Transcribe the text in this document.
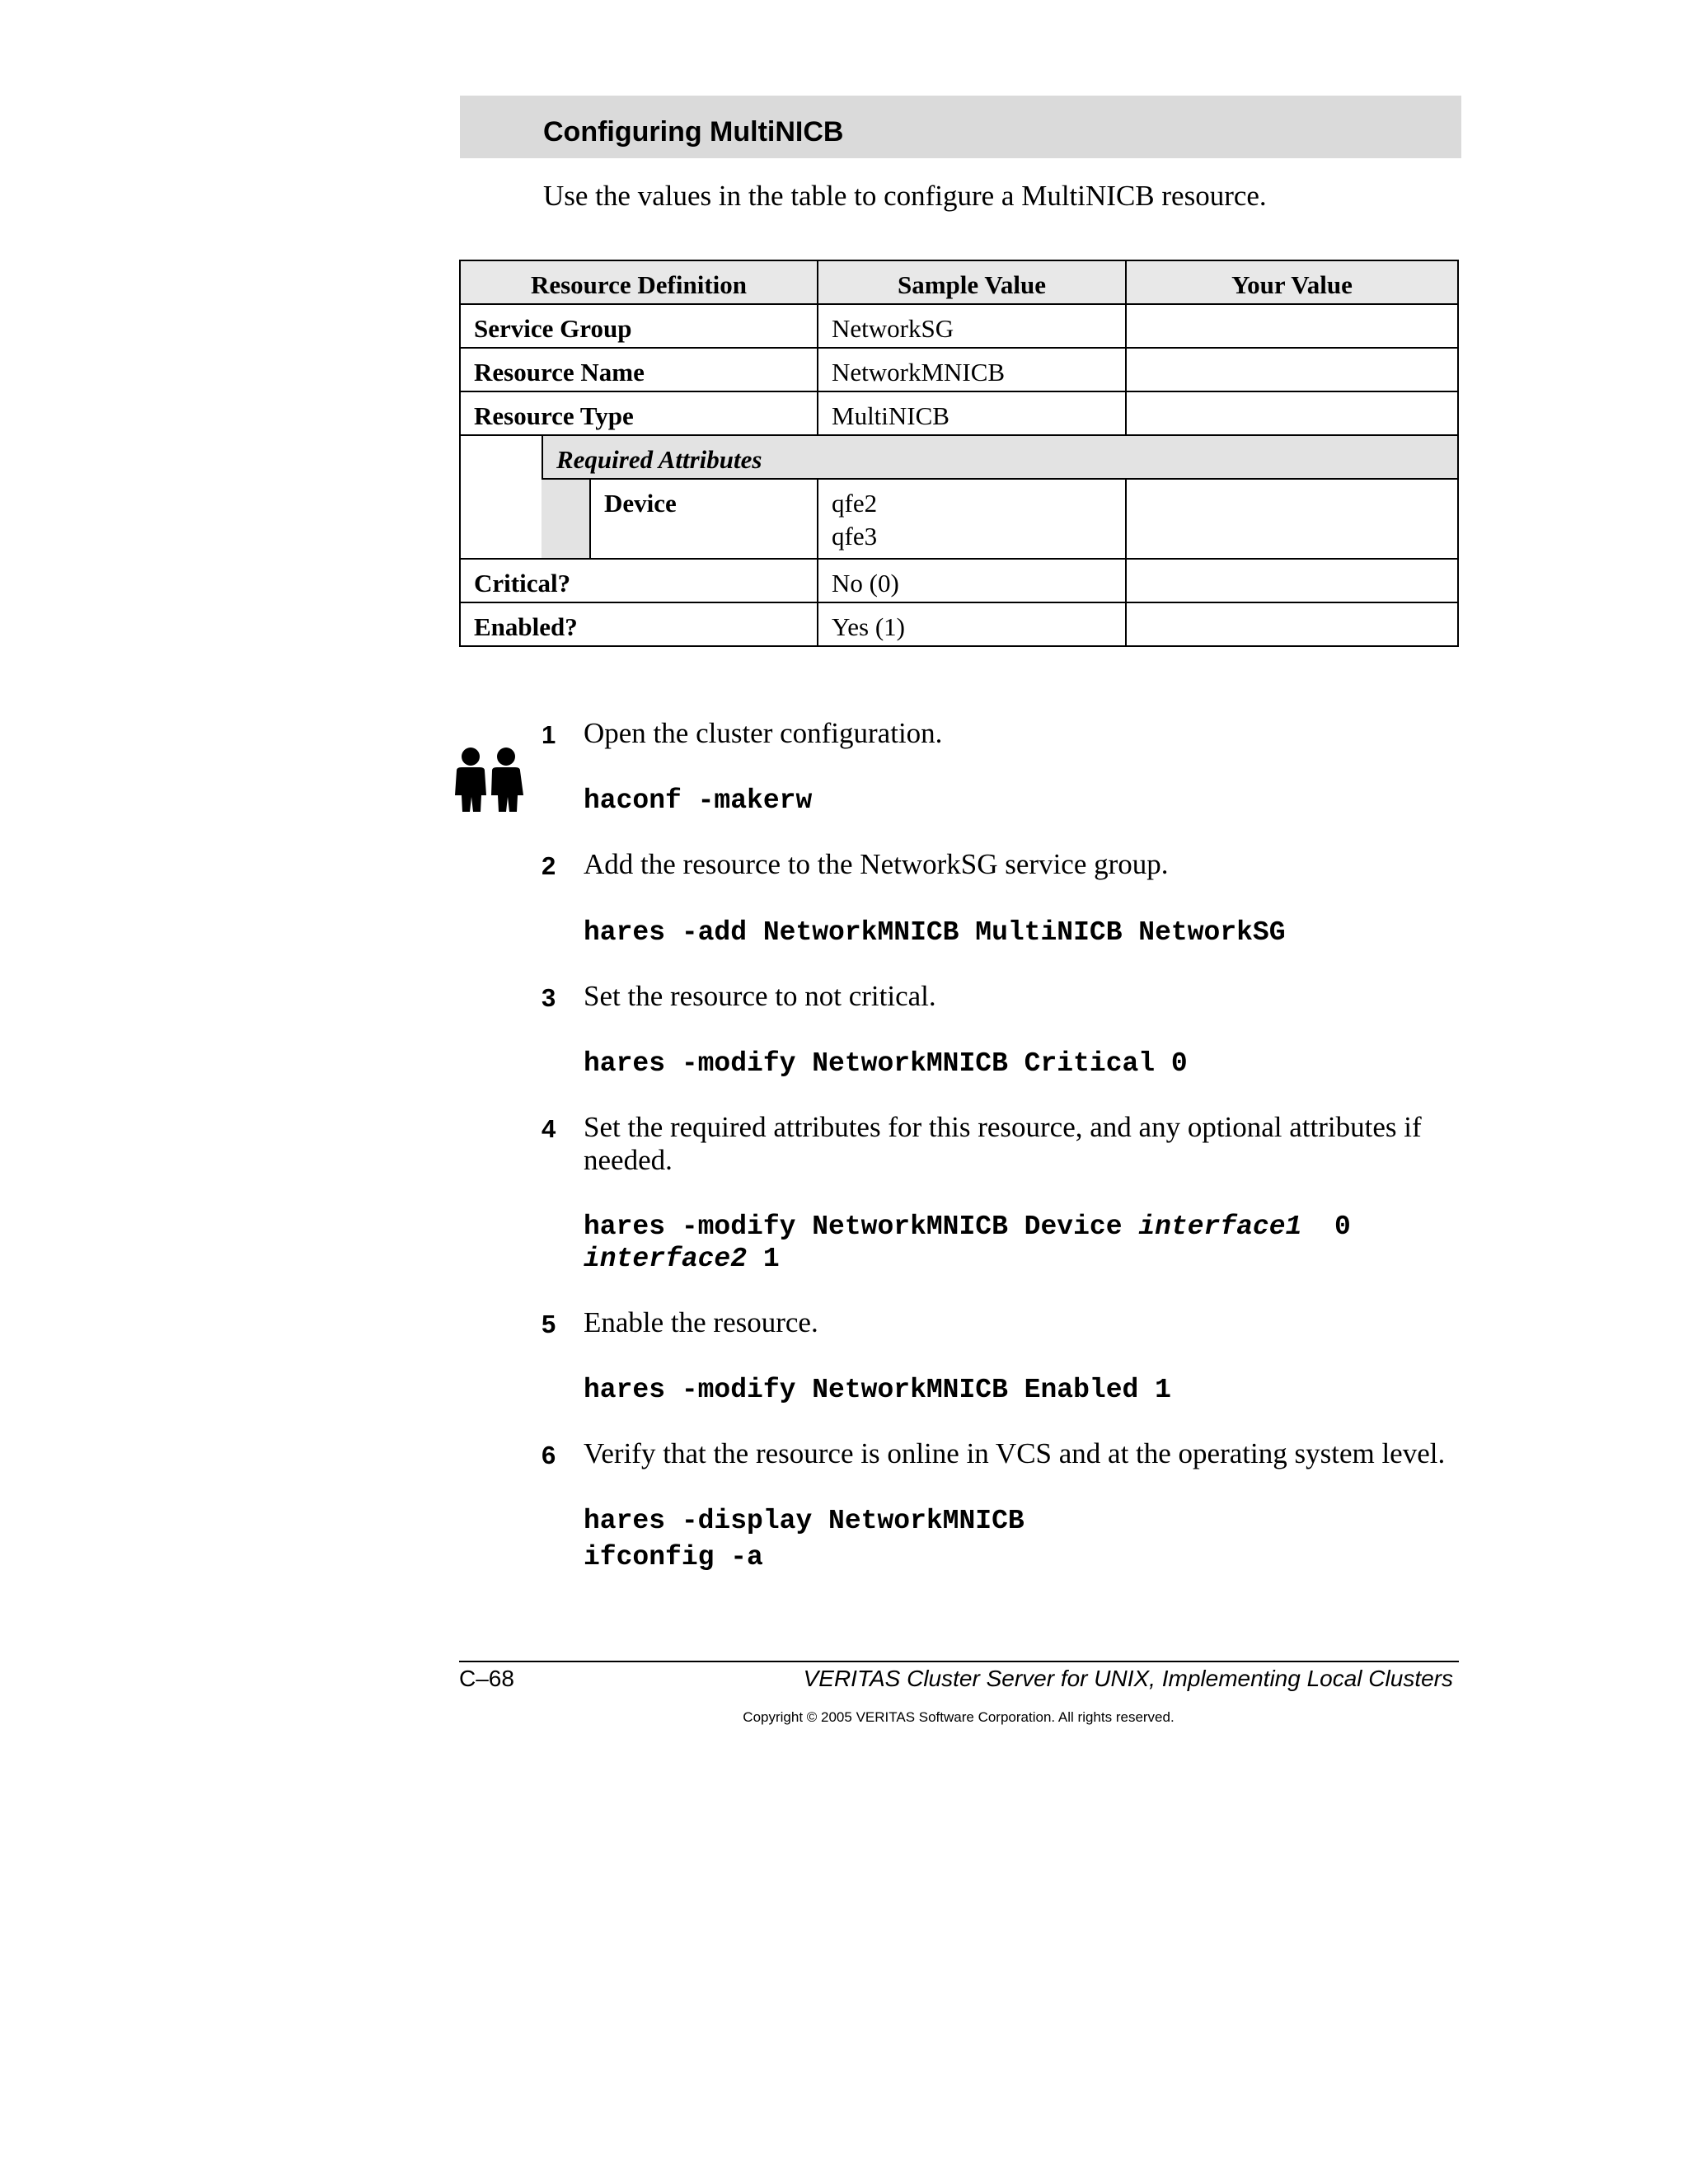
Configuring MultiNICB
Use the values in the table to configure a MultiNICB resource.
Resource Definition	Sample Value	Your Value
Service Group	NetworkSG
Resource Name	NetworkMNICB
Resource Type	MultiNICB
Required Attributes
Device	qfe2
qfe3
Critical?	No (0)
Enabled?	Yes (1)
1 Open the cluster configuration.
haconf -makerw
2 Add the resource to the NetworkSG service group.
hares -add NetworkMNICB MultiNICB NetworkSG
3 Set the resource to not critical.
hares -modify NetworkMNICB Critical 0
4 Set the required attributes for this resource, and any optional attributes if needed.
hares -modify NetworkMNICB Device interface1  0
interface2 1
5 Enable the resource.
hares -modify NetworkMNICB Enabled 1
6 Verify that the resource is online in VCS and at the operating system level.
hares -display NetworkMNICB
ifconfig -a
C–68	VERITAS Cluster Server for UNIX, Implementing Local Clusters
Copyright © 2005 VERITAS Software Corporation. All rights reserved.
